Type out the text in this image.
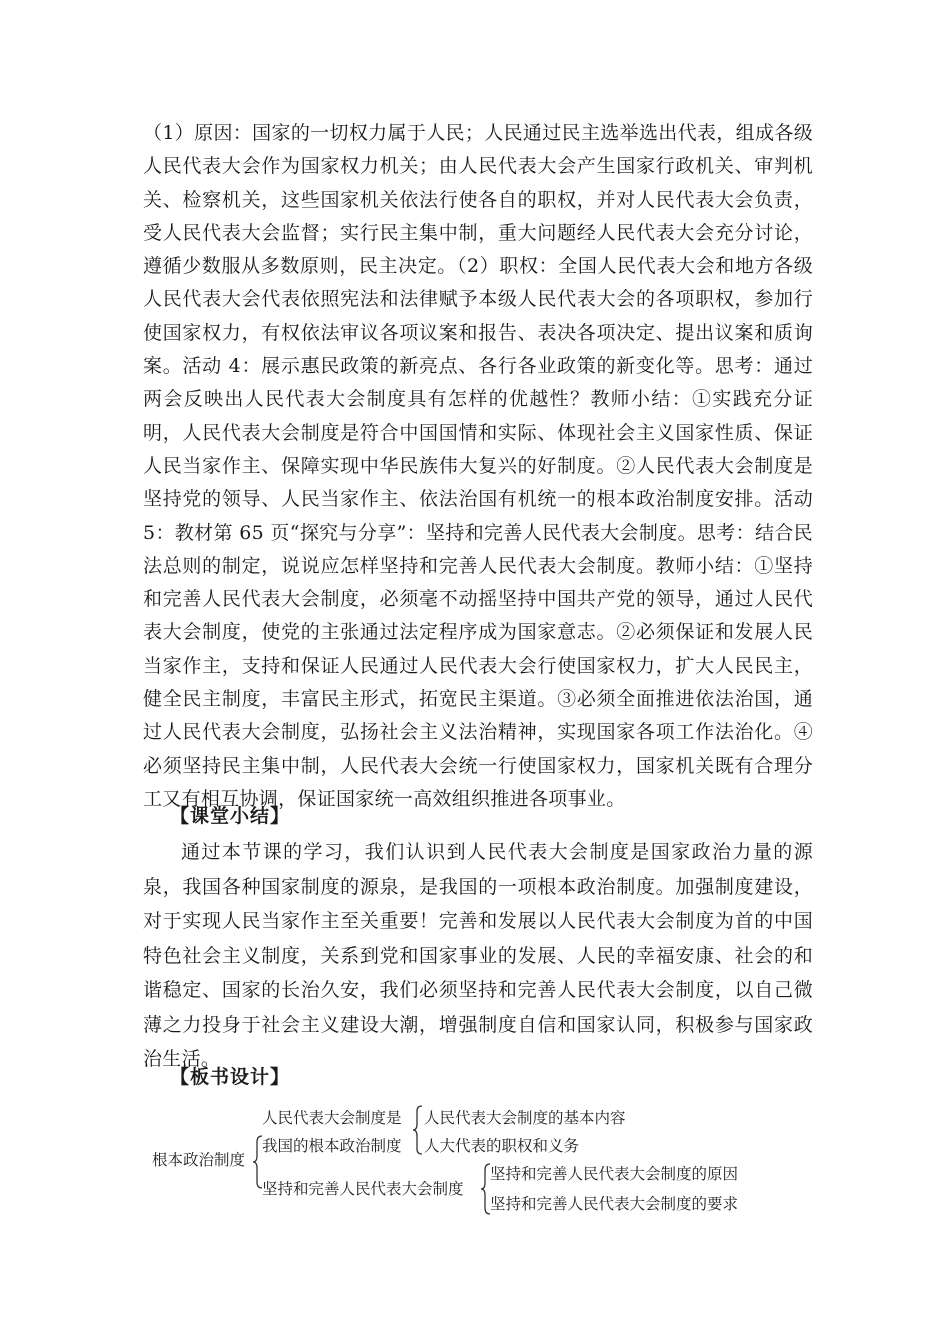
（1）原因：国家的一切权力属于人民；人民通过民主选举选出代表，组成各级人民代表大会作为国家权力机关；由人民代表大会产生国家行政机关、审判机关、检察机关，这些国家机关依法行使各自的职权，并对人民代表大会负责，受人民代表大会监督；实行民主集中制，重大问题经人民代表大会充分讨论，遵循少数服从多数原则，民主决定。（2）职权：全国人民代表大会和地方各级人民代表大会代表依照宪法和法律赋予本级人民代表大会的各项职权，参加行使国家权力，有权依法审议各项议案和报告、表决各项决定、提出议案和质询案。活动 4：展示惠民政策的新亮点、各行各业政策的新变化等。思考：通过两会反映出人民代表大会制度具有怎样的优越性？教师小结：①实践充分证明，人民代表大会制度是符合中国国情和实际、体现社会主义国家性质、保证人民当家作主、保障实现中华民族伟大复兴的好制度。②人民代表大会制度是坚持党的领导、人民当家作主、依法治国有机统一的根本政治制度安排。活动 5：教材第 65 页“探究与分享”：坚持和完善人民代表大会制度。思考：结合民法总则的制定，说说应怎样坚持和完善人民代表大会制度。教师小结：①坚持和完善人民代表大会制度，必须毫不动摇坚持中国共产党的领导，通过人民代表大会制度，使党的主张通过法定程序成为国家意志。②必须保证和发展人民当家作主，支持和保证人民通过人民代表大会行使国家权力，扩大人民民主，健全民主制度，丰富民主形式，拓宽民主渠道。③必须全面推进依法治国，通过人民代表大会制度，弘扬社会主义法治精神，实现国家各项工作法治化。④必须坚持民主集中制，人民代表大会统一行使国家权力，国家机关既有合理分工又有相互协调，保证国家统一高效组织推进各项事业。

【课堂小结】
通过本节课的学习，我们认识到人民代表大会制度是国家政治力量的源泉，我国各种国家制度的源泉，是我国的一项根本政治制度。加强制度建设，对于实现人民当家作主至关重要！完善和发展以人民代表大会制度为首的中国特色社会主义制度，关系到党和国家事业的发展、人民的幸福安康、社会的和谐稳定、国家的长治久安，我们必须坚持和完善人民代表大会制度，以自己微薄之力投身于社会主义建设大潮，增强制度自信和国家认同，积极参与国家政治生活。
【板书设计】
根本政治制度
人民代表大会制度是
我国的根本政治制度
人民代表大会制度的基本内容
人大代表的职权和义务
坚持和完善人民代表大会制度
坚持和完善人民代表大会制度的原因
坚持和完善人民代表大会制度的要求
